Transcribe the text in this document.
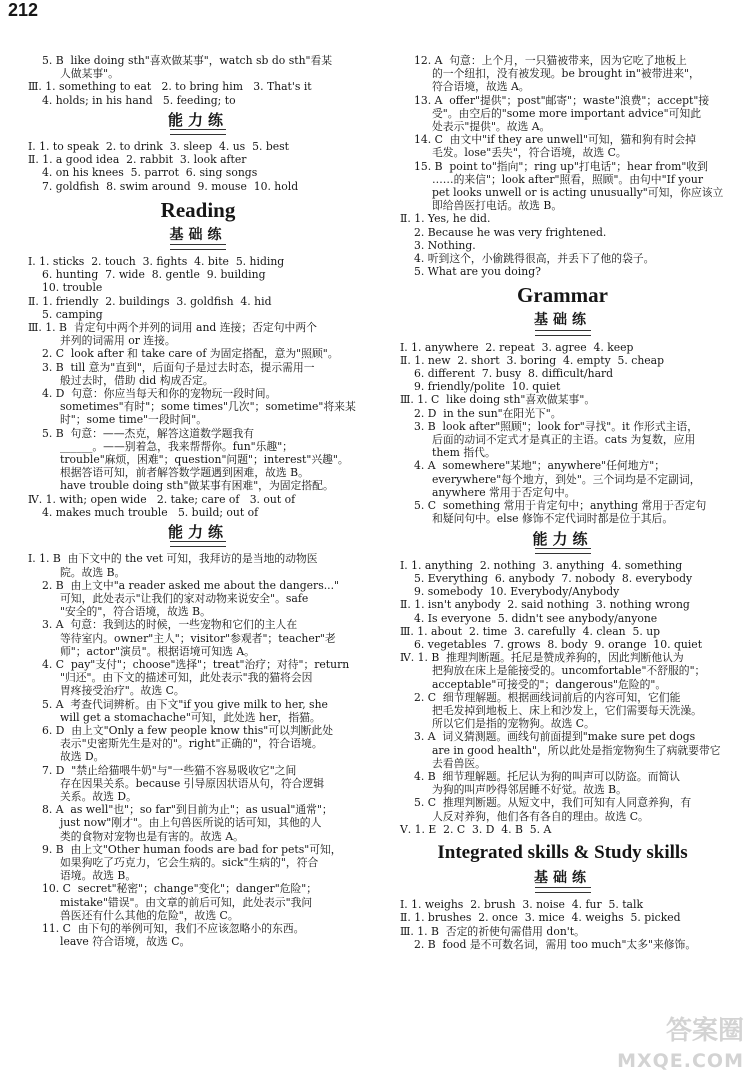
212
5. B  like doing sth"喜欢做某事"，watch sb do sth"看某
人做某事"。
Ⅲ. 1. something to eat   2. to bring him   3. That's it
4. holds; in his hand   5. feeding; to
能力练
Ⅰ. 1. to speak  2. to drink  3. sleep  4. us  5. best
Ⅱ. 1. a good idea  2. rabbit  3. look after
4. on his knees  5. parrot  6. sing songs
7. goldfish  8. swim around  9. mouse  10. hold
Reading
基础练
Ⅰ. 1. sticks  2. touch  3. fights  4. bite  5. hiding
6. hunting  7. wide  8. gentle  9. building
10. trouble
Ⅱ. 1. friendly  2. buildings  3. goldfish  4. hid
5. camping
Ⅲ. 1. B  肯定句中两个并列的词用 and 连接；否定句中两个
并列的词需用 or 连接。
2. C  look after 和 take care of 为固定搭配，意为"照顾"。
3. B  till 意为"直到"，后面句子是过去时态，提示需用一
般过去时，借助 did 构成否定。
4. D  句意：你应当每天和你的宠物玩一段时间。
sometimes"有时"；some times"几次"；sometime"将来某
时"；some time"一段时间"。
5. B  句意：——杰克，解答这道数学题我有
______。——别着急，我来帮帮你。fun"乐趣"；
trouble"麻烦，困难"；question"问题"；interest"兴趣"。
根据答语可知，前者解答数学题遇到困难，故选 B。
have trouble doing sth"做某事有困难"，为固定搭配。
Ⅳ. 1. with; open wide   2. take; care of   3. out of
4. makes much trouble   5. build; out of
能力练
Ⅰ. 1. B  由下文中的 the vet 可知，我拜访的是当地的动物医
院。故选 B。
2. B  由上文中"a reader asked me about the dangers..."
可知，此处表示"让我们的家对动物来说安全"。safe
"安全的"，符合语境，故选 B。
3. A  句意：我到达的时候，一些宠物和它们的主人在
等待室内。owner"主人"；visitor"参观者"；teacher"老
师"；actor"演员"。根据语境可知选 A。
4. C  pay"支付"；choose"选择"；treat"治疗；对待"；return
"归还"。由下文的描述可知，此处表示"我的猫将会因
胃疼接受治疗"。故选 C。
5. A  考查代词辨析。由下文"if you give milk to her, she
will get a stomachache"可知，此处选 her，指猫。
6. D  由上文"Only a few people know this"可以判断此处
表示"史密斯先生是对的"。right"正确的"，符合语境。
故选 D。
7. D  "禁止给猫喂牛奶"与"一些猫不容易吸收它"之间
存在因果关系。because 引导原因状语从句，符合逻辑
关系。故选 D。
8. A  as well"也"；so far"到目前为止"；as usual"通常"；
just now"刚才"。由上句兽医所说的话可知，其他的人
类的食物对宠物也是有害的。故选 A。
9. B  由上文"Other human foods are bad for pets"可知，
如果狗吃了巧克力，它会生病的。sick"生病的"，符合
语境。故选 B。
10. C  secret"秘密"；change"变化"；danger"危险"；
mistake"错误"。由文章的前后可知，此处表示"我问
兽医还有什么其他的危险"，故选 C。
11. C  由下句的举例可知，我们不应该忽略小的东西。
leave 符合语境，故选 C。
12. A  句意：上个月，一只猫被带来，因为它吃了地板上
的一个纽扣，没有被发现。be brought in"被带进来"，
符合语境，故选 A。
13. A  offer"提供"；post"邮寄"；waste"浪费"；accept"接
受"。由空后的"some more important advice"可知此
处表示"提供"。故选 A。
14. C  由文中"if they are unwell"可知，猫和狗有时会掉
毛发。lose"丢失"，符合语境，故选 C。
15. B  point to"指向"；ring up"打电话"；hear from"收到
……的来信"；look after"照看，照顾"。由句中"If your
pet looks unwell or is acting unusually"可知，你应该立
即给兽医打电话。故选 B。
Ⅱ. 1. Yes, he did.
2. Because he was very frightened.
3. Nothing.
4. 听到这个，小偷跳得很高，并丢下了他的袋子。
5. What are you doing?
Grammar
基础练
Ⅰ. 1. anywhere  2. repeat  3. agree  4. keep
Ⅱ. 1. new  2. short  3. boring  4. empty  5. cheap
6. different  7. busy  8. difficult/hard
9. friendly/polite  10. quiet
Ⅲ. 1. C  like doing sth"喜欢做某事"。
2. D  in the sun"在阳光下"。
3. B  look after"照顾"；look for"寻找"。it 作形式主语，
后面的动词不定式才是真正的主语。cats 为复数，应用
them 指代。
4. A  somewhere"某地"；anywhere"任何地方"；
everywhere"每个地方，到处"。三个词均是不定副词，
anywhere 常用于否定句中。
5. C  something 常用于肯定句中；anything 常用于否定句
和疑问句中。else 修饰不定代词时都是位于其后。
能力练
Ⅰ. 1. anything  2. nothing  3. anything  4. something
5. Everything  6. anybody  7. nobody  8. everybody
9. somebody  10. Everybody/Anybody
Ⅱ. 1. isn't anybody  2. said nothing  3. nothing wrong
4. Is everyone  5. didn't see anybody/anyone
Ⅲ. 1. about  2. time  3. carefully  4. clean  5. up
6. vegetables  7. grows  8. body  9. orange  10. quiet
Ⅳ. 1. B  推理判断题。托尼是赞成养狗的，因此判断他认为
把狗放在床上是能接受的。uncomfortable"不舒服的"；
acceptable"可接受的"；dangerous"危险的"。
2. C  细节理解题。根据画线词前后的内容可知，它们能
把毛发掉到地板上、床上和沙发上，它们需要每天洗澡。
所以它们是指的宠物狗。故选 C。
3. A  词义猜测题。画线句前面提到"make sure pet dogs
are in good health"，所以此处是指宠物狗生了病就要带它
去看兽医。
4. B  细节理解题。托尼认为狗的叫声可以防盗。而简认
为狗的叫声吵得邻居睡不好觉。故选 B。
5. C  推理判断题。从短文中，我们可知有人同意养狗，有
人反对养狗，他们各有各自的理由。故选 C。
Ⅴ. 1. E  2. C  3. D  4. B  5. A
Integrated skills & Study skills
基础练
Ⅰ. 1. weighs  2. brush  3. noise  4. fur  5. talk
Ⅱ. 1. brushes  2. once  3. mice  4. weighs  5. picked
Ⅲ. 1. B  否定的祈使句需借用 don't。
2. B  food 是不可数名词，需用 too much"太多"来修饰。
答案圈
MXQE.COM
